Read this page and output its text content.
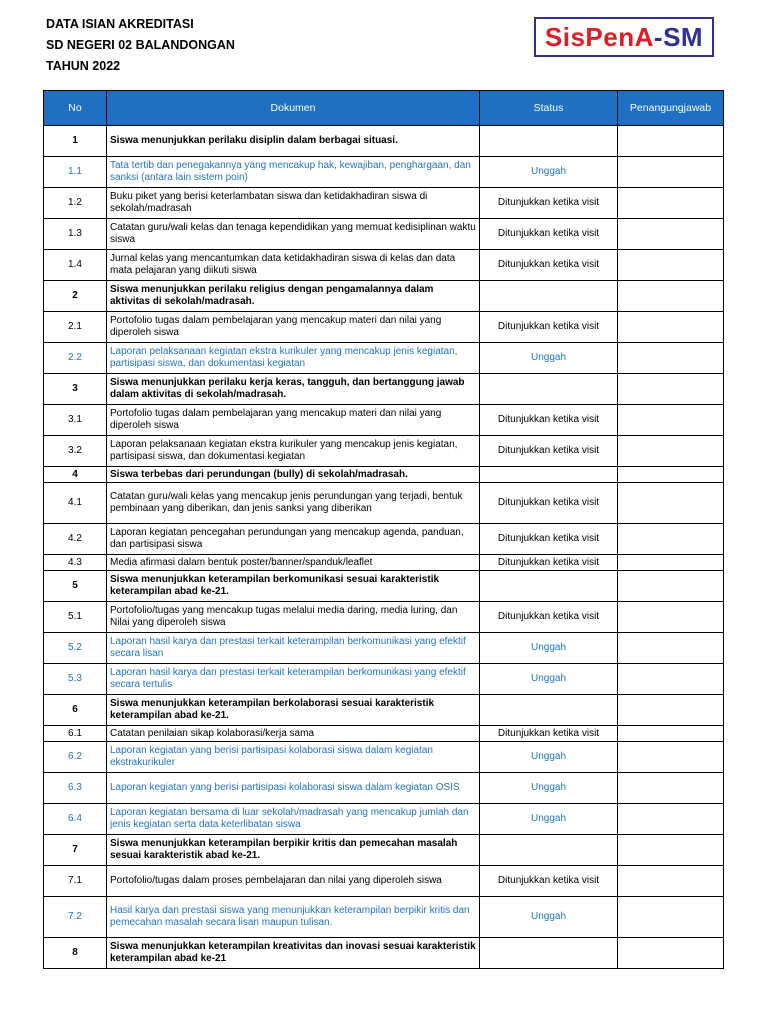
DATA ISIAN AKREDITASI
SD NEGERI 02 BALANDONGAN
TAHUN 2022
SisPenA -SM
No	Dokumen	Status	Penangungjawab
1	Siswa menunjukkan perilaku disiplin dalam berbagai situasi.		
1.1	Tata tertib dan penegakannya yang mencakup hak, kewajiban, penghargaan, dan sanksi (antara lain sistem poin)	Unggah	
1.2	Buku piket yang berisi keterlambatan siswa dan ketidakhadiran siswa di sekolah/madrasah	Ditunjukkan ketika visit	
1.3	Catatan guru/wali kelas dan tenaga kependidikan yang memuat kedisiplinan waktu siswa	Ditunjukkan ketika visit	
1.4	Jurnal kelas yang mencantumkan data ketidakhadiran siswa di kelas dan data mata pelajaran yang diikuti siswa	Ditunjukkan ketika visit	
2	Siswa menunjukkan perilaku religius dengan pengamalannya dalam aktivitas di sekolah/madrasah.		
2.1	Portofolio tugas dalam pembelajaran yang mencakup materi dan nilai yang diperoleh siswa	Ditunjukkan ketika visit	
2.2	Laporan pelaksanaan kegiatan ekstra kurikuler yang mencakup jenis kegiatan, partisipasi siswa, dan dokumentasi kegiatan	Unggah	
3	Siswa menunjukkan perilaku kerja keras, tangguh, dan bertanggung jawab dalam aktivitas di sekolah/madrasah.		
3.1	Portofolio tugas dalam pembelajaran yang mencakup materi dan nilai yang diperoleh siswa	Ditunjukkan ketika visit	
3.2	Laporan pelaksanaan kegiatan ekstra kurikuler yang mencakup jenis kegiatan, partisipasi siswa, dan dokumentasi kegiatan	Ditunjukkan ketika visit	
4	Siswa terbebas dari perundungan (bully) di sekolah/madrasah.		
4.1	Catatan guru/wali kelas yang mencakup jenis perundungan yang terjadi, bentuk pembinaan yang diberikan, dan jenis sanksi yang diberikan	Ditunjukkan ketika visit	
4.2	Laporan kegiatan pencegahan perundungan yang mencakup agenda, panduan, dan partisipasi siswa	Ditunjukkan ketika visit	
4.3	Media afirmasi dalam bentuk poster/banner/spanduk/leaflet	Ditunjukkan ketika visit	
5	Siswa menunjukkan keterampilan berkomunikasi sesuai karakteristik keterampilan abad ke-21.		
5.1	Portofolio/tugas yang mencakup tugas melalui media daring, media luring, dan Nilai yang diperoleh siswa	Ditunjukkan ketika visit	
5.2	Laporan hasil karya dan prestasi terkait keterampilan berkomunikasi yang efektif secara lisan	Unggah	
5.3	Laporan hasil karya dan prestasi terkait keterampilan berkomunikasi yang efektif secara tertulis	Unggah	
6	Siswa menunjukkan keterampilan berkolaborasi sesuai karakteristik keterampilan abad ke-21.		
6.1	Catatan penilaian sikap kolaborasi/kerja sama	Ditunjukkan ketika visit	
6.2	Laporan kegiatan yang berisi partisipasi kolaborasi siswa dalam kegiatan ekstrakurikuler	Unggah	
6.3	Laporan kegiatan yang berisi partisipasi kolaborasi siswa dalam kegiatan OSIS	Unggah	
6.4	Laporan kegiatan bersama di luar sekolah/madrasah yang mencakup jumlah dan jenis kegiatan serta data keterlibatan siswa	Unggah	
7	Siswa menunjukkan keterampilan berpikir kritis dan pemecahan masalah sesuai karakteristik abad ke-21.		
7.1	Portofolio/tugas dalam proses pembelajaran dan nilai yang diperoleh siswa	Ditunjukkan ketika visit	
7.2	Hasil karya dan prestasi siswa yang menunjukkan keterampilan berpikir kritis dan pemecahan masalah secara lisan maupun tulisan.	Unggah	
8	Siswa menunjukkan keterampilan kreativitas dan inovasi sesuai karakteristik keterampilan abad ke-21		
